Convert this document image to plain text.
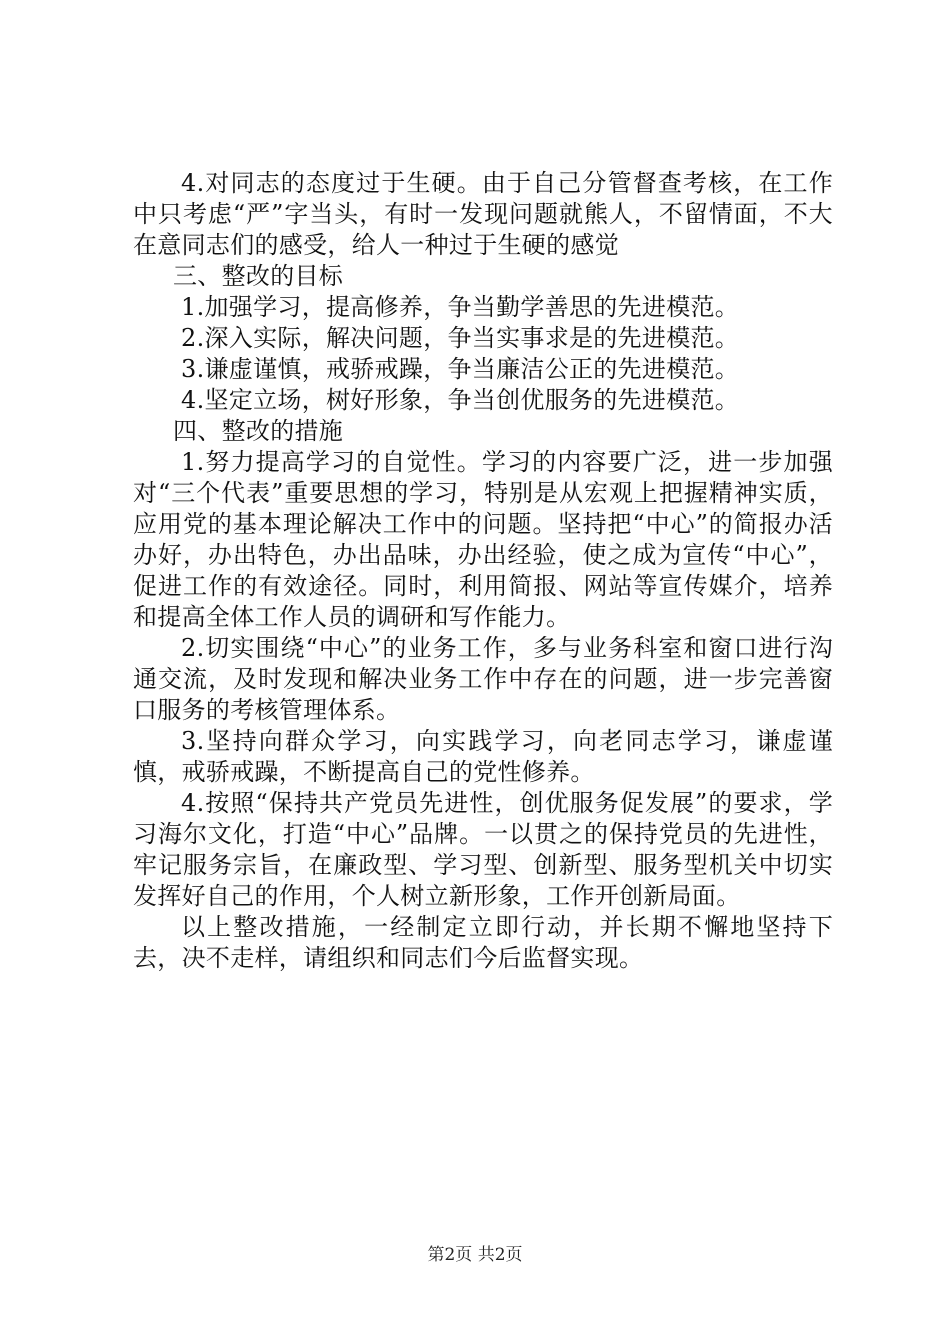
4.对同志的态度过于生硬。由于自己分管督查考核，在工作中只考虑“严”字当头，有时一发现问题就熊人，不留情面，不大在意同志们的感受，给人一种过于生硬的感觉

三、整改的目标

1.加强学习，提高修养，争当勤学善思的先进模范。

2.深入实际，解决问题，争当实事求是的先进模范。

3.谦虚谨慎，戒骄戒躁，争当廉洁公正的先进模范。

4.坚定立场，树好形象，争当创优服务的先进模范。

四、整改的措施

1.努力提高学习的自觉性。学习的内容要广泛，进一步加强对“三个代表”重要思想的学习，特别是从宏观上把握精神实质，应用党的基本理论解决工作中的问题。坚持把“中心”的简报办活办好，办出特色，办出品味，办出经验，使之成为宣传“中心”，促进工作的有效途径。同时，利用简报、网站等宣传媒介，培养和提高全体工作人员的调研和写作能力。

2.切实围绕“中心”的业务工作，多与业务科室和窗口进行沟通交流，及时发现和解决业务工作中存在的问题，进一步完善窗口服务的考核管理体系。

3.坚持向群众学习，向实践学习，向老同志学习，谦虚谨慎，戒骄戒躁，不断提高自己的党性修养。

4.按照“保持共产党员先进性，创优服务促发展”的要求，学习海尔文化，打造“中心”品牌。一以贯之的保持党员的先进性，牢记服务宗旨，在廉政型、学习型、创新型、服务型机关中切实发挥好自己的作用，个人树立新形象，工作开创新局面。

以上整改措施，一经制定立即行动，并长期不懈地坚持下去，决不走样，请组织和同志们今后监督实现。

第2页 共2页
